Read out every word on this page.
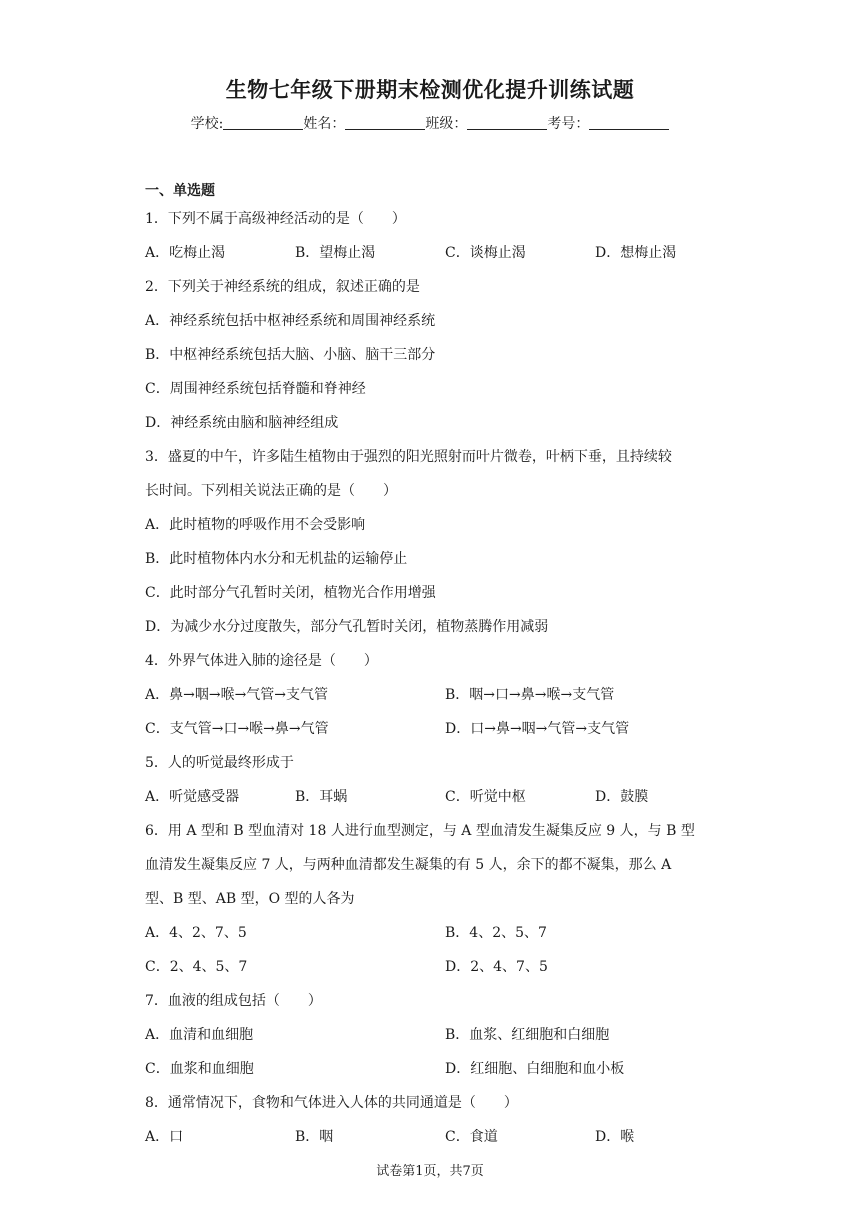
生物七年级下册期末检测优化提升训练试题
学校:	姓名：	班级：	考号：
一、单选题
1．下列不属于高级神经活动的是（　　）
A．吃梅止渴	B．望梅止渴	C．谈梅止渴	D．想梅止渴
2．下列关于神经系统的组成，叙述正确的是
A．神经系统包括中枢神经系统和周围神经系统
B．中枢神经系统包括大脑、小脑、脑干三部分
C．周围神经系统包括脊髓和脊神经
D．神经系统由脑和脑神经组成
3．盛夏的中午，许多陆生植物由于强烈的阳光照射而叶片微卷，叶柄下垂，且持续较
长时间。下列相关说法正确的是（　　）
A．此时植物的呼吸作用不会受影响
B．此时植物体内水分和无机盐的运输停止
C．此时部分气孔暂时关闭，植物光合作用增强
D．为减少水分过度散失，部分气孔暂时关闭，植物蒸腾作用减弱
4．外界气体进入肺的途径是（　　）
A．鼻→咽→喉→气管→支气管	B．咽→口→鼻→喉→支气管
C．支气管→口→喉→鼻→气管	D．口→鼻→咽→气管→支气管
5．人的听觉最终形成于
A．听觉感受器	B．耳蜗	C．听觉中枢	D．鼓膜
6．用 A 型和 B 型血清对 18 人进行血型测定，与 A 型血清发生凝集反应 9 人，与 B 型
血清发生凝集反应 7 人，与两种血清都发生凝集的有 5 人，余下的都不凝集，那么 A
型、B 型、AB 型，O 型的人各为
A．4、2、7、5	B．4、2、5、7
C．2、4、5、7	D．2、4、7、5
7．血液的组成包括（　　）
A．血清和血细胞	B．血浆、红细胞和白细胞
C．血浆和血细胞	D．红细胞、白细胞和血小板
8．通常情况下，食物和气体进入人体的共同通道是（　　）
A．口	B．咽	C．食道	D．喉
试卷第1页，共7页
